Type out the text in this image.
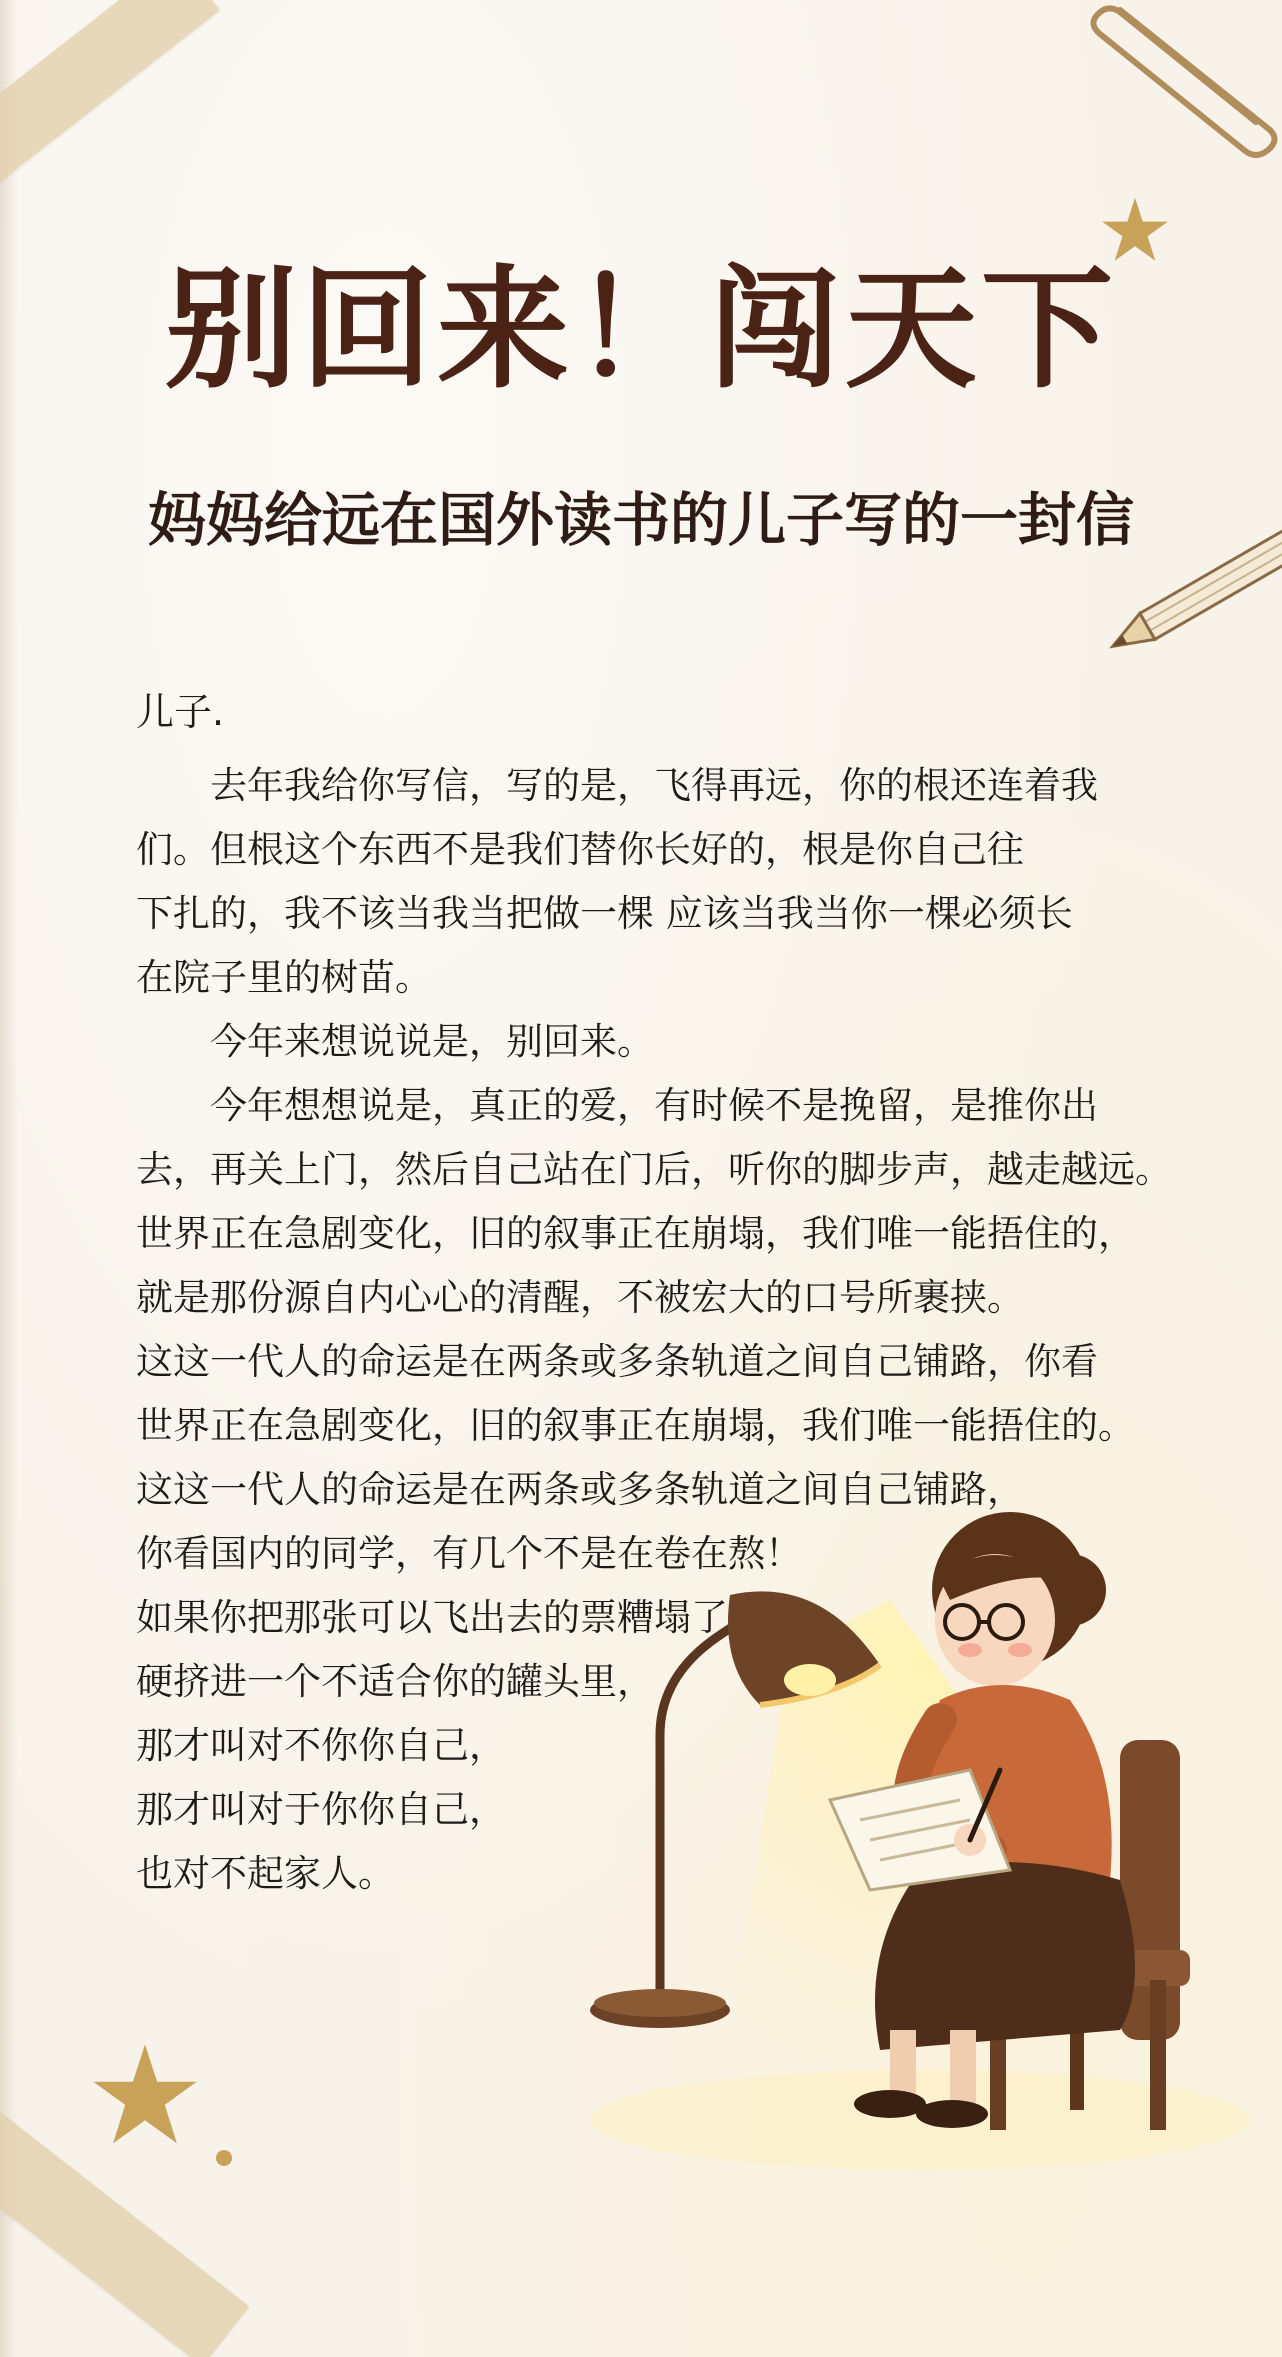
别回来！闯天下
妈妈给远在国外读书的儿子写的一封信
儿子.
去年我给你写信，写的是，飞得再远，你的根还连着我
们。但根这个东西不是我们替你长好的，根是你自己往
下扎的，我不该当我当把做一棵 应该当我当你一棵必须长
在院子里的树苗。
今年来想说说是，别回来。
今年想想说是，真正的爱，有时候不是挽留，是推你出
去，再关上门，然后自己站在门后，听你的脚步声，越走越远。
世界正在急剧变化，旧的叙事正在崩塌，我们唯一能捂住的，
就是那份源自内心心的清醒，不被宏大的口号所裹挟。
这这一代人的命运是在两条或多条轨道之间自己铺路，你看
世界正在急剧变化，旧的叙事正在崩塌，我们唯一能捂住的。
这这一代人的命运是在两条或多条轨道之间自己铺路，
你看国内的同学，有几个不是在卷在熬！
如果你把那张可以飞出去的票糟塌了
硬挤进一个不适合你的罐头里，
那才叫对不你你自己，
那才叫对于你你自己，
也对不起家人。
